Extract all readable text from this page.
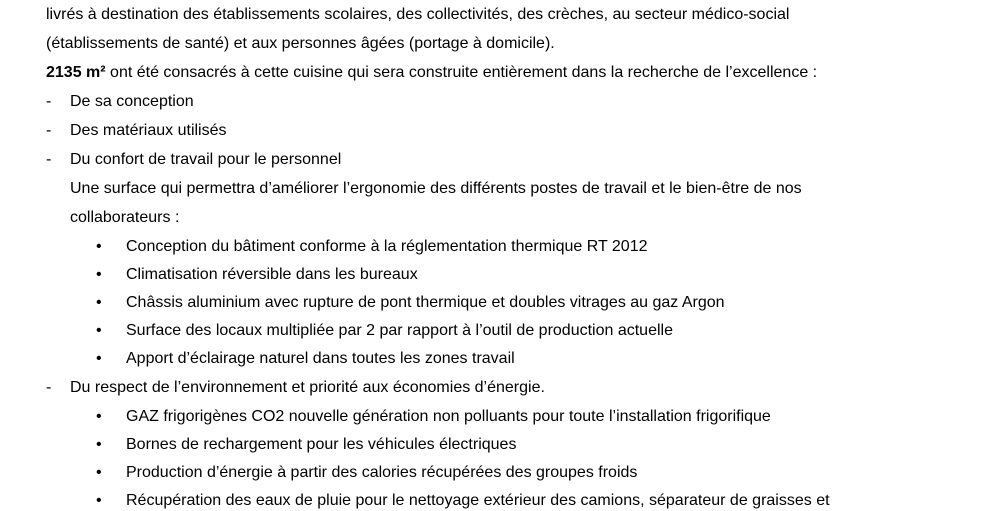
livrés à destination des établissements scolaires, des collectivités, des crèches, au secteur médico-social
(établissements de santé) et aux personnes âgées (portage à domicile).
2135 m² ont été consacrés à cette cuisine qui sera construite entièrement dans la recherche de l’excellence :
- De sa conception
- Des matériaux utilisés
- Du confort de travail pour le personnel
Une surface qui permettra d’améliorer l’ergonomie des différents postes de travail et le bien-être de nos
collaborateurs :
• Conception du bâtiment conforme à la réglementation thermique RT 2012
• Climatisation réversible dans les bureaux
• Châssis aluminium avec rupture de pont thermique et doubles vitrages au gaz Argon
• Surface des locaux multipliée par 2 par rapport à l’outil de production actuelle
• Apport d’éclairage naturel dans toutes les zones travail
- Du respect de l’environnement et priorité aux économies d’énergie.
• GAZ frigorigènes CO2 nouvelle génération non polluants pour toute l’installation frigorifique
• Bornes de rechargement pour les véhicules électriques
• Production d’énergie à partir des calories récupérées des groupes froids
• Récupération des eaux de pluie pour le nettoyage extérieur des camions, séparateur de graisses et
